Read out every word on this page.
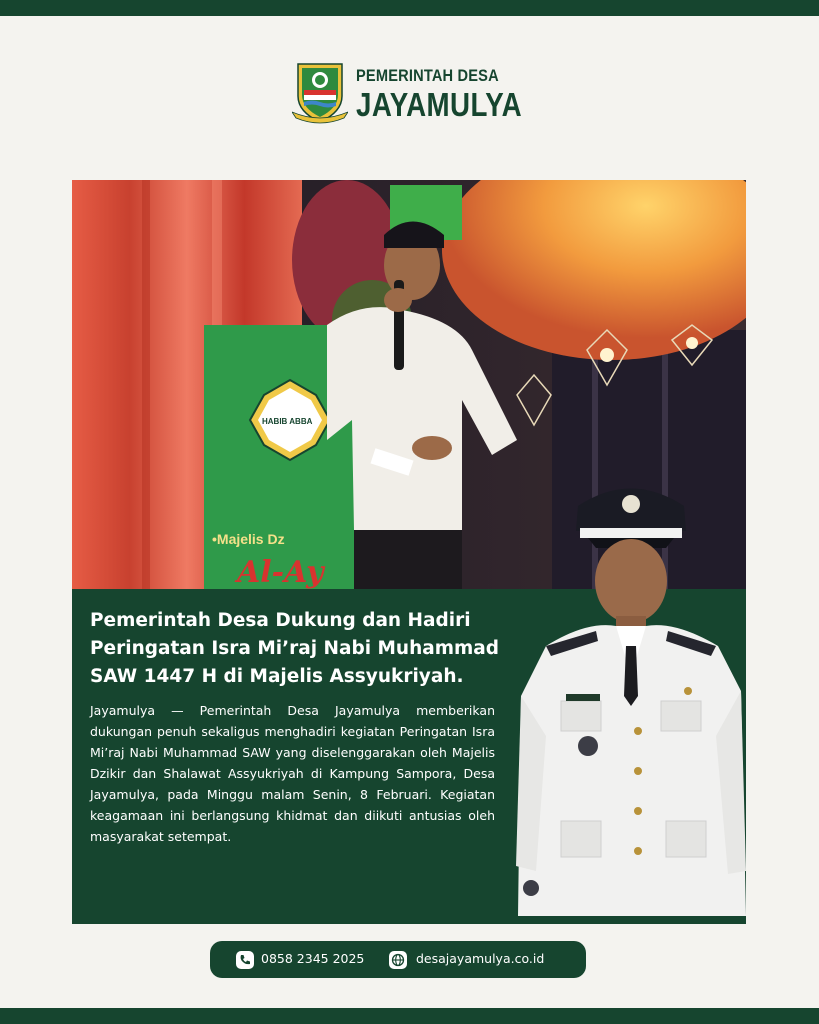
PEMERINTAH DESA
JAYAMULYA
HABIB ABBA
•Majelis Dz
Al-Ay
Pemerintah Desa Dukung dan Hadiri Peringatan Isra Mi’raj Nabi Muhammad SAW 1447 H di Majelis Assyukriyah.
Jayamulya — Pemerintah Desa Jayamulya memberikan dukungan penuh sekaligus menghadiri kegiatan Peringatan Isra Mi’raj Nabi Muhammad SAW yang diselenggarakan oleh Majelis Dzikir dan Shalawat Assyukriyah di Kampung Sampora, Desa Jayamulya, pada Minggu malam Senin, 8 Februari. Kegiatan keagamaan ini berlangsung khidmat dan diikuti antusias oleh masyarakat setempat.
0858 2345 2025	desajayamulya.co.id
